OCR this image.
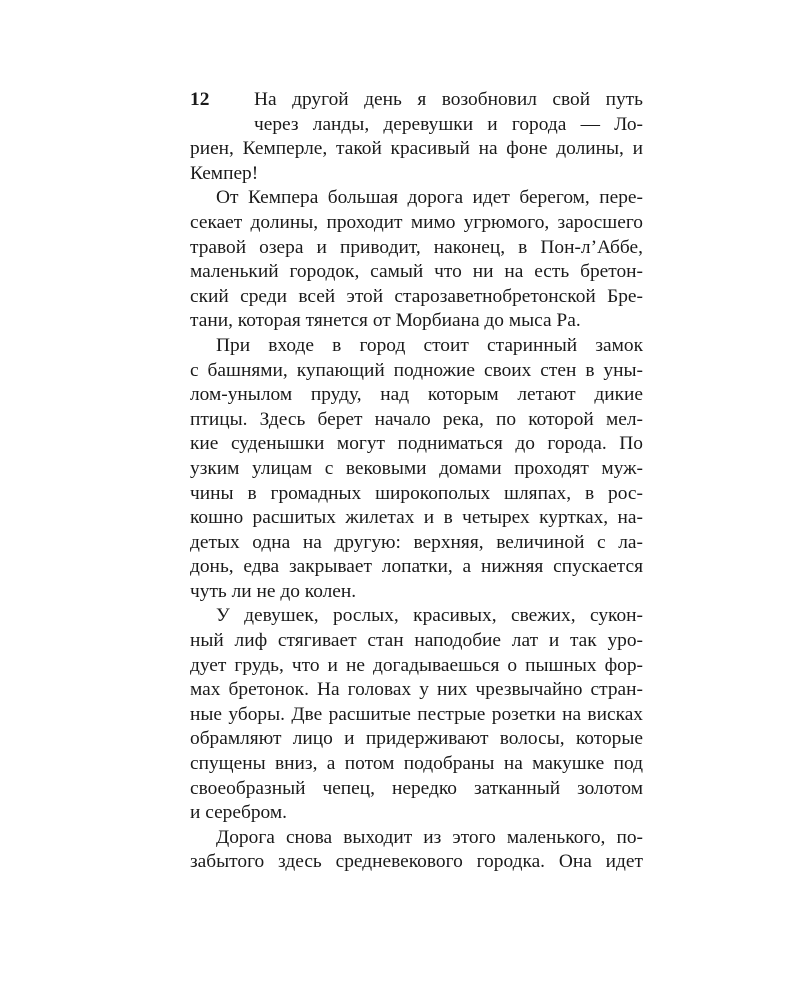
12 На другой день я возобновил свой путь
через ланды, деревушки и города — Ло-
риен, Кемперле, такой красивый на фоне долины, и
Кемпер!
От Кемпера большая дорога идет берегом, пере-
секает долины, проходит мимо угрюмого, заросшего
травой озера и приводит, наконец, в Пон-л’Аббе,
маленький городок, самый что ни на есть бретон-
ский среди всей этой старозаветнобретонской Бре-
тани, которая тянется от Морбиана до мыса Ра.
При входе в город стоит старинный замок
с башнями, купающий подножие своих стен в уны-
лом-унылом пруду, над которым летают дикие
птицы. Здесь берет начало река, по которой мел-
кие суденышки могут подниматься до города. По
узким улицам с вековыми домами проходят муж-
чины в громадных широкополых шляпах, в рос-
кошно расшитых жилетах и в четырех куртках, на-
детых одна на другую: верхняя, величиной с ла-
донь, едва закрывает лопатки, а нижняя спускается
чуть ли не до колен.
У девушек, рослых, красивых, свежих, сукон-
ный лиф стягивает стан наподобие лат и так уро-
дует грудь, что и не догадываешься о пышных фор-
мах бретонок. На головах у них чрезвычайно стран-
ные уборы. Две расшитые пестрые розетки на висках
обрамляют лицо и придерживают волосы, которые
спущены вниз, а потом подобраны на макушке под
своеобразный чепец, нередко затканный золотом
и серебром.
Дорога снова выходит из этого маленького, по-
забытого здесь средневекового городка. Она идет
